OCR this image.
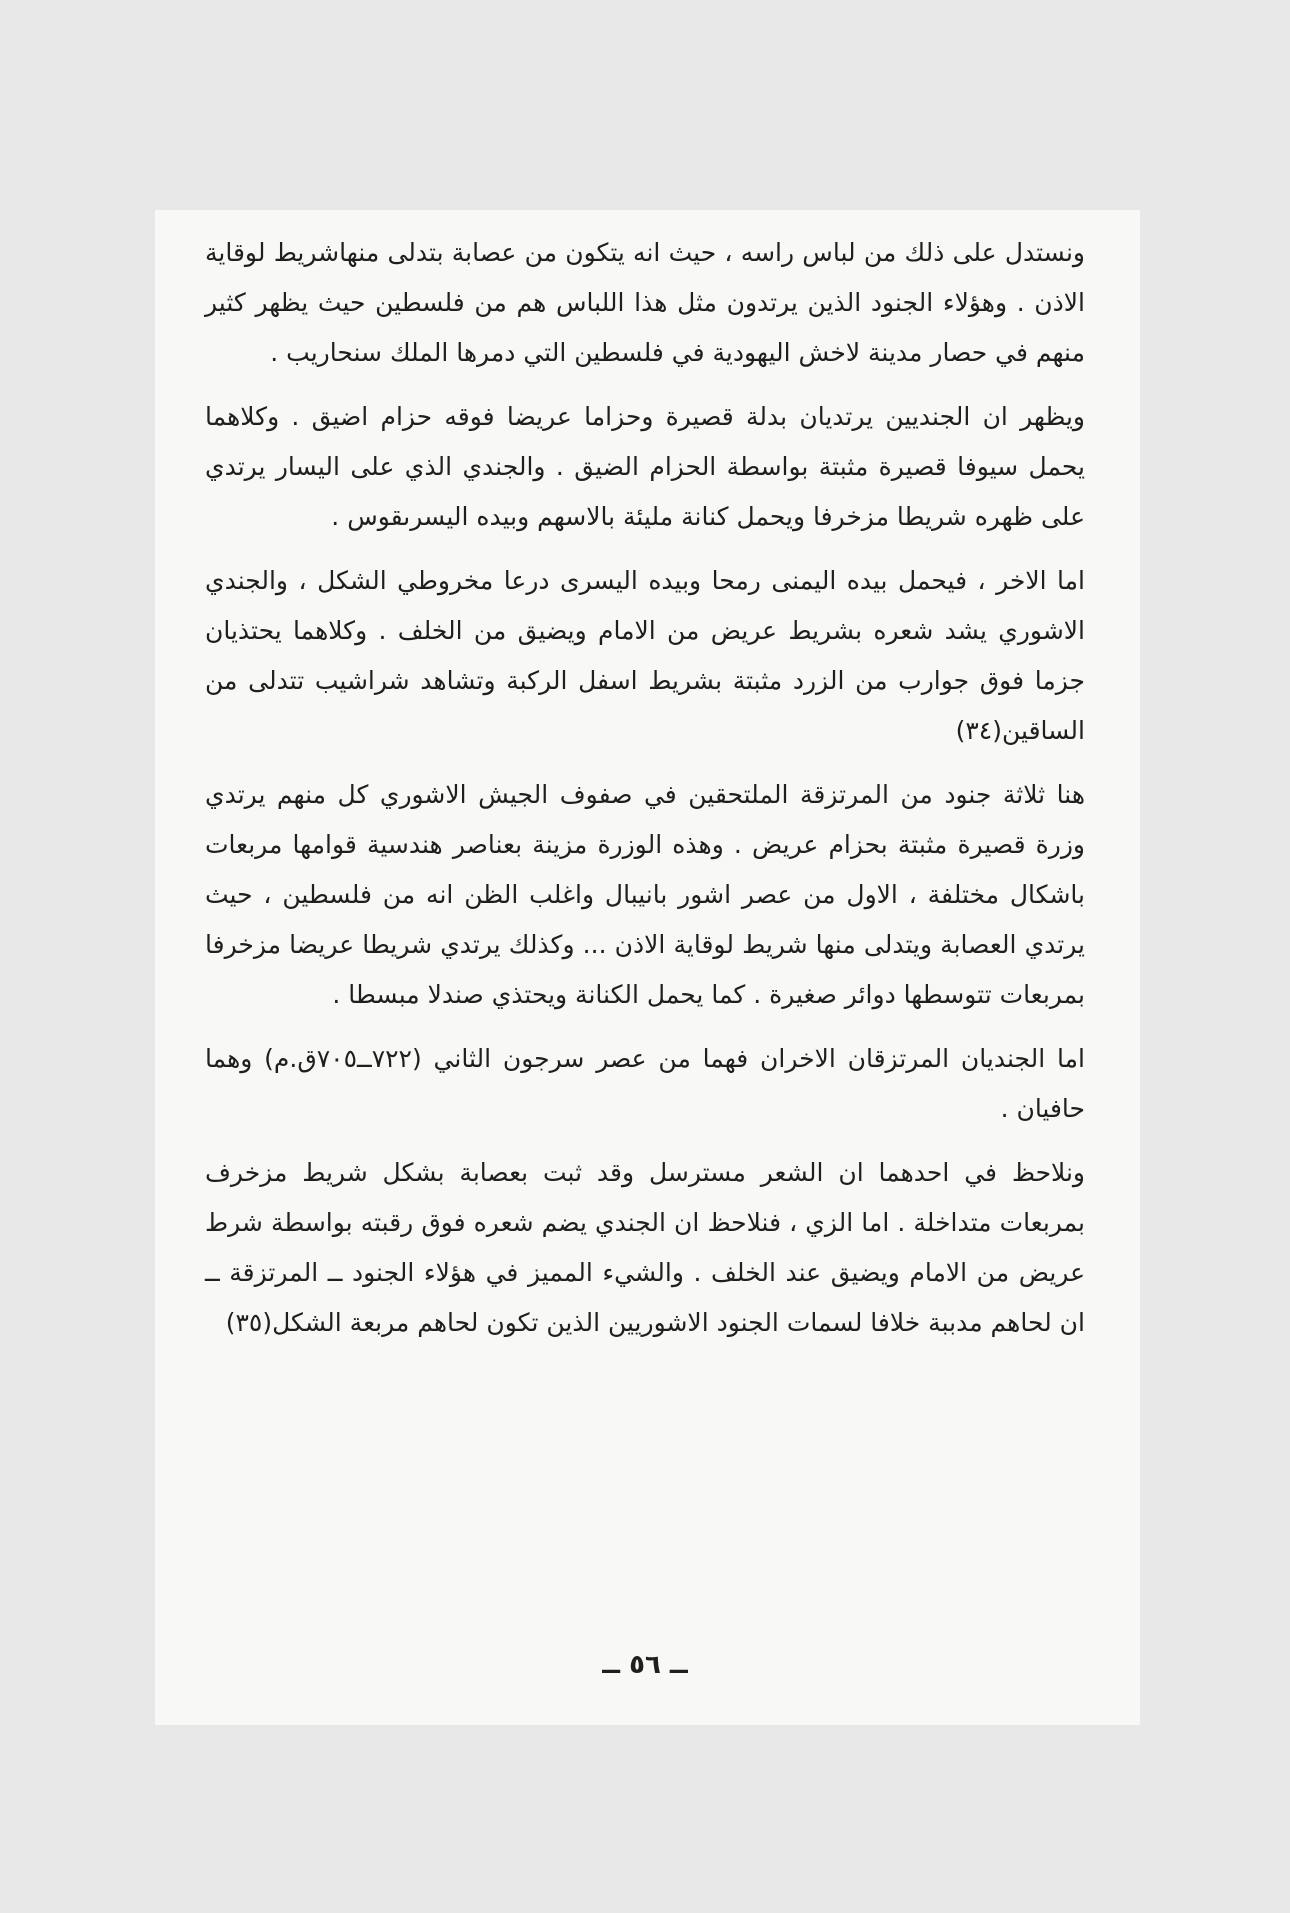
ونستدل على ذلك من لباس راسه ، حيث انه يتكون من عصابة بتدلى منهاشريط لوقاية الاذن . وهؤلاء الجنود الذين يرتدون مثل هذا اللباس هم من فلسطين حيث يظهر كثير منهم في حصار مدينة لاخش اليهودية في فلسطين التي دمرها الملك سنحاريب .

ويظهر ان الجنديين يرتديان بدلة قصيرة وحزاما عريضا فوقه حزام اضيق . وكلاهما يحمل سيوفا قصيرة مثبتة بواسطة الحزام الضيق . والجندي الذي على اليسار يرتدي على ظهره شريطا مزخرفا ويحمل كنانة مليئة بالاسهم وبيده اليسرىقوس .

اما الاخر ، فيحمل بيده اليمنى رمحا وبيده اليسرى درعا مخروطي الشكل ، والجندي الاشوري يشد شعره بشريط عريض من الامام ويضيق من الخلف . وكلاهما يحتذيان جزما فوق جوارب من الزرد مثبتة بشريط اسفل الركبة وتشاهد شراشيب تتدلى من الساقين(٣٤)

هنا ثلاثة جنود من المرتزقة الملتحقين في صفوف الجيش الاشوري كل منهم يرتدي وزرة قصيرة مثبتة بحزام عريض . وهذه الوزرة مزينة بعناصر هندسية قوامها مربعات باشكال مختلفة ، الاول من عصر اشور بانيبال واغلب الظن انه من فلسطين ، حيث يرتدي العصابة ويتدلى منها شريط لوقاية الاذن ... وكذلك يرتدي شريطا عريضا مزخرفا بمربعات تتوسطها دوائر صغيرة . كما يحمل الكنانة ويحتذي صندلا مبسطا .

اما الجنديان المرتزقان الاخران فهما من عصر سرجون الثاني (٧٢٢ــ٧٠٥ق.م) وهما حافيان .

ونلاحظ في احدهما ان الشعر مسترسل وقد ثبت بعصابة بشكل شريط مزخرف بمربعات متداخلة . اما الزي ، فنلاحظ ان الجندي يضم شعره فوق رقبته بواسطة شرط عريض من الامام ويضيق عند الخلف . والشيء المميز في هؤلاء الجنود ــ المرتزقة ــ ان لحاهم مدببة خلافا لسمات الجنود الاشوريين الذين تكون لحاهم مربعة الشكل(٣٥)

ــ ٥٦ ــ
